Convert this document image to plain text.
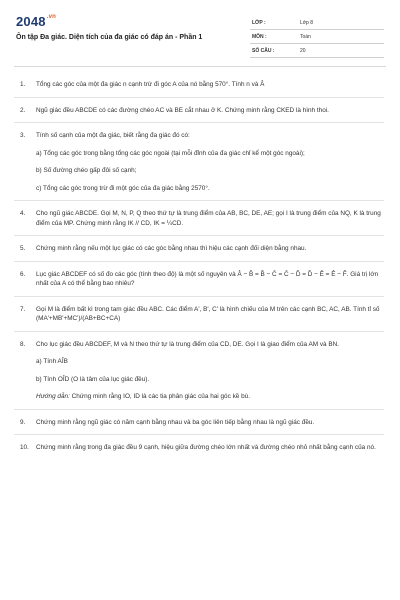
$2048^{.vn}$
Ôn tập Đa giác. Diện tích của đa giác có đáp án - Phần 1
LỚP :	Lớp 8
MÔN :	Toán
SỐ CÂU :	20
1. Tổng các góc của một đa giác n cạnh trừ đi góc A của nó bằng 570°. Tính n và Â

2. Ngũ giác đều ABCDE có các đường chéo AC và BE cắt nhau ở K. Chứng minh rằng CKED là hình thoi.

3. Tính số cạnh của một đa giác, biết rằng đa giác đó có:

a) Tổng các góc trong bằng tổng các góc ngoài (tại mỗi đỉnh của đa giác chỉ kể một góc ngoài);

b) Số đường chéo gấp đôi số cạnh;

c) Tổng các góc trong trừ đi một góc của đa giác bằng 2570°.

4. Cho ngũ giác ABCDE. Gọi M, N, P, Q theo thứ tự là trung điểm của AB, BC, DE, AE; gọi I là trung điểm của NQ, K là trung điểm của MP. Chứng minh rằng IK // CD, IK = ¼CD.

5. Chứng minh rằng nếu một lục giác có các góc bằng nhau thì hiệu các cạnh đối diện bằng nhau.

6. Lục giác ABCDEF có số đo các góc (tính theo độ) là một số nguyên và Â − B̂ = B̂ − Ĉ = Ĉ − D̂ = D̂ − Ê = Ê − F̂. Giá trị lớn nhất của A có thể bằng bao nhiêu?

7. Gọi M là điểm bất kì trong tam giác đều ABC. Các điểm A', B', C' là hình chiếu của M trên các cạnh BC, AC, AB. Tính tỉ số (MA'+MB'+MC')/(AB+BC+CA)

8. Cho lục giác đều ABCDEF, M và N theo thứ tự là trung điểm của CD, DE. Gọi I là giao điểm của AM và BN.

a) Tính AÎB

b) Tính OÎD (O là tâm của lục giác đều).

Hướng dẫn: Chứng minh rằng IO, ID là các tia phân giác của hai góc kề bù.

9. Chứng minh rằng ngũ giác có năm cạnh bằng nhau và ba góc liên tiếp bằng nhau là ngũ giác đều.

10. Chứng minh rằng trong đa giác đều 9 cạnh, hiệu giữa đường chéo lớn nhất và đường chéo nhỏ nhất bằng cạnh của nó.
